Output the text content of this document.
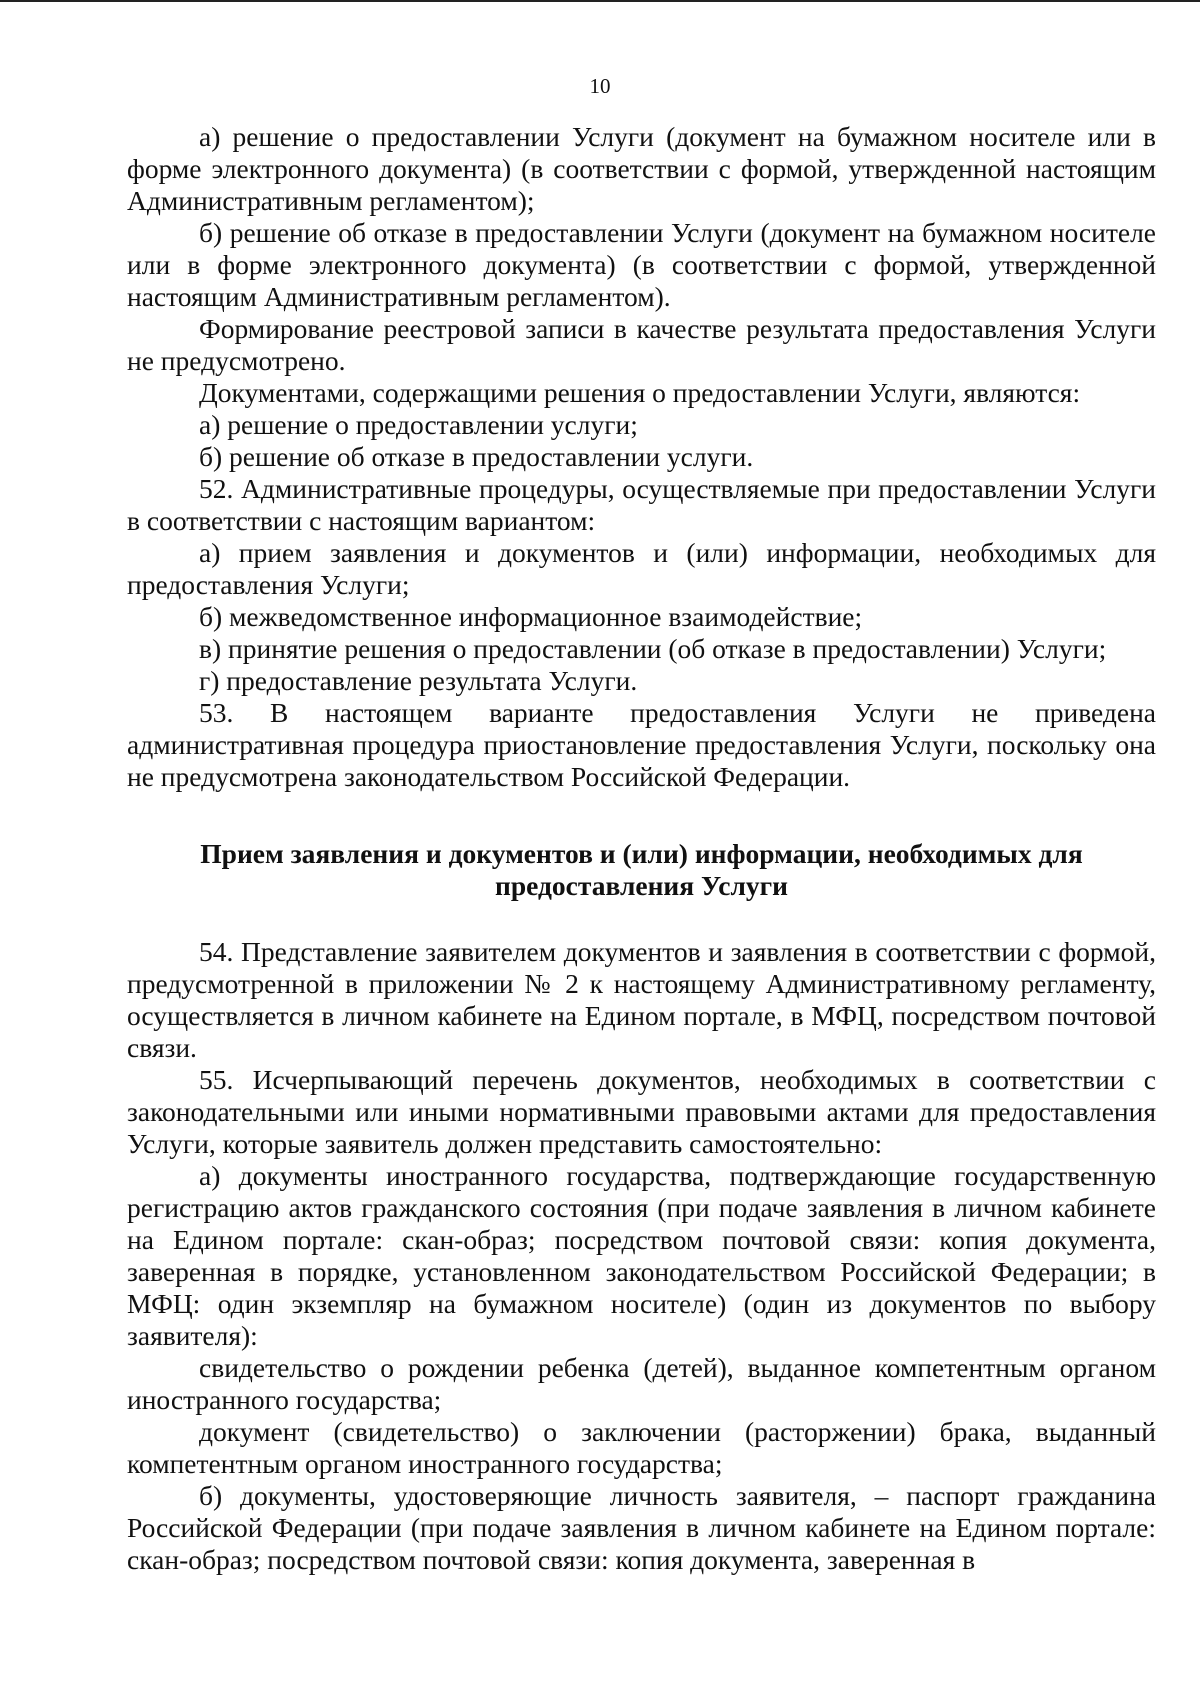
10

а) решение о предоставлении Услуги (документ на бумажном носителе или в форме электронного документа) (в соответствии с формой, утвержденной настоящим Административным регламентом);

б) решение об отказе в предоставлении Услуги (документ на бумажном носителе или в форме электронного документа) (в соответствии с формой, утвержденной настоящим Административным регламентом).

Формирование реестровой записи в качестве результата предоставления Услуги не предусмотрено.

Документами, содержащими решения о предоставлении Услуги, являются:

а) решение о предоставлении услуги;

б) решение об отказе в предоставлении услуги.

52. Административные процедуры, осуществляемые при предоставлении Услуги в соответствии с настоящим вариантом:

а) прием заявления и документов и (или) информации, необходимых для предоставления Услуги;

б) межведомственное информационное взаимодействие;

в) принятие решения о предоставлении (об отказе в предоставлении) Услуги;

г) предоставление результата Услуги.

53. В настоящем варианте предоставления Услуги не приведена административная процедура приостановление предоставления Услуги, поскольку она не предусмотрена законодательством Российской Федерации.

Прием заявления и документов и (или) информации, необходимых для
предоставления Услуги

54. Представление заявителем документов и заявления в соответствии с формой, предусмотренной в приложении № 2 к настоящему Административному регламенту, осуществляется в личном кабинете на Едином портале, в МФЦ, посредством почтовой связи.

55. Исчерпывающий перечень документов, необходимых в соответствии с законодательными или иными нормативными правовыми актами для предоставления Услуги, которые заявитель должен представить самостоятельно:

а) документы иностранного государства, подтверждающие государственную регистрацию актов гражданского состояния (при подаче заявления в личном кабинете на Едином портале: скан-образ; посредством почтовой связи: копия документа, заверенная в порядке, установленном законодательством Российской Федерации; в МФЦ: один экземпляр на бумажном носителе) (один из документов по выбору заявителя):

свидетельство о рождении ребенка (детей), выданное компетентным органом иностранного государства;

документ (свидетельство) о заключении (расторжении) брака, выданный компетентным органом иностранного государства;

б) документы, удостоверяющие личность заявителя, – паспорт гражданина Российской Федерации (при подаче заявления в личном кабинете на Едином портале: скан-образ; посредством почтовой связи: копия документа, заверенная в
